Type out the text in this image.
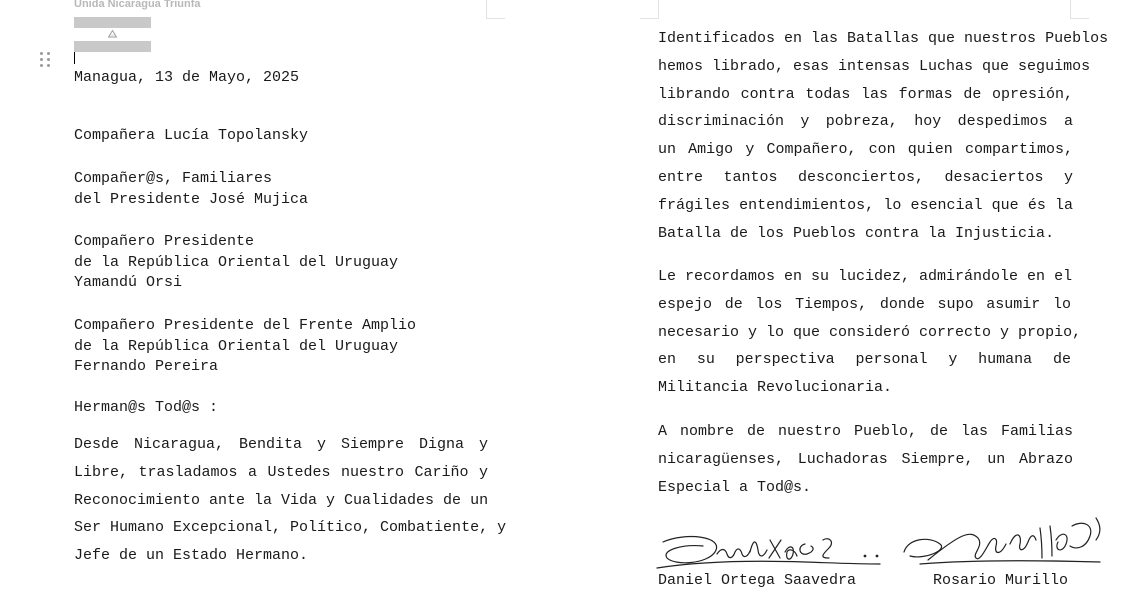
Unida Nicaragua Triunfa

Managua, 13 de Mayo, 2025

Compañera Lucía Topolansky

Compañer@s, Familiares
del Presidente José Mujica

Compañero Presidente
de la República Oriental del Uruguay
Yamandú Orsi

Compañero Presidente del Frente Amplio
de la República Oriental del Uruguay
Fernando Pereira

Herman@s Tod@s :

Desde Nicaragua, Bendita y Siempre Digna y
Libre, trasladamos a Ustedes nuestro Cariño y
Reconocimiento ante la Vida y Cualidades de un
Ser Humano Excepcional, Político, Combatiente, y
Jefe de un Estado Hermano.
Identificados en las Batallas que nuestros Pueblos
hemos librado, esas intensas Luchas que seguimos
librando contra todas las formas de opresión,
discriminación y pobreza, hoy despedimos a
un Amigo y Compañero, con quien compartimos,
entre tantos desconciertos, desaciertos y
frágiles entendimientos, lo esencial que és la
Batalla de los Pueblos contra la Injusticia.
Le recordamos en su lucidez, admirándole en el
espejo de los Tiempos, donde supo asumir lo
necesario y lo que consideró correcto y propio,
en su perspectiva personal y humana de
Militancia Revolucionaria.
A nombre de nuestro Pueblo, de las Familias
nicaragüenses, Luchadoras Siempre, un Abrazo
Especial a Tod@s.

Daniel Ortega Saavedra	Rosario Murillo
